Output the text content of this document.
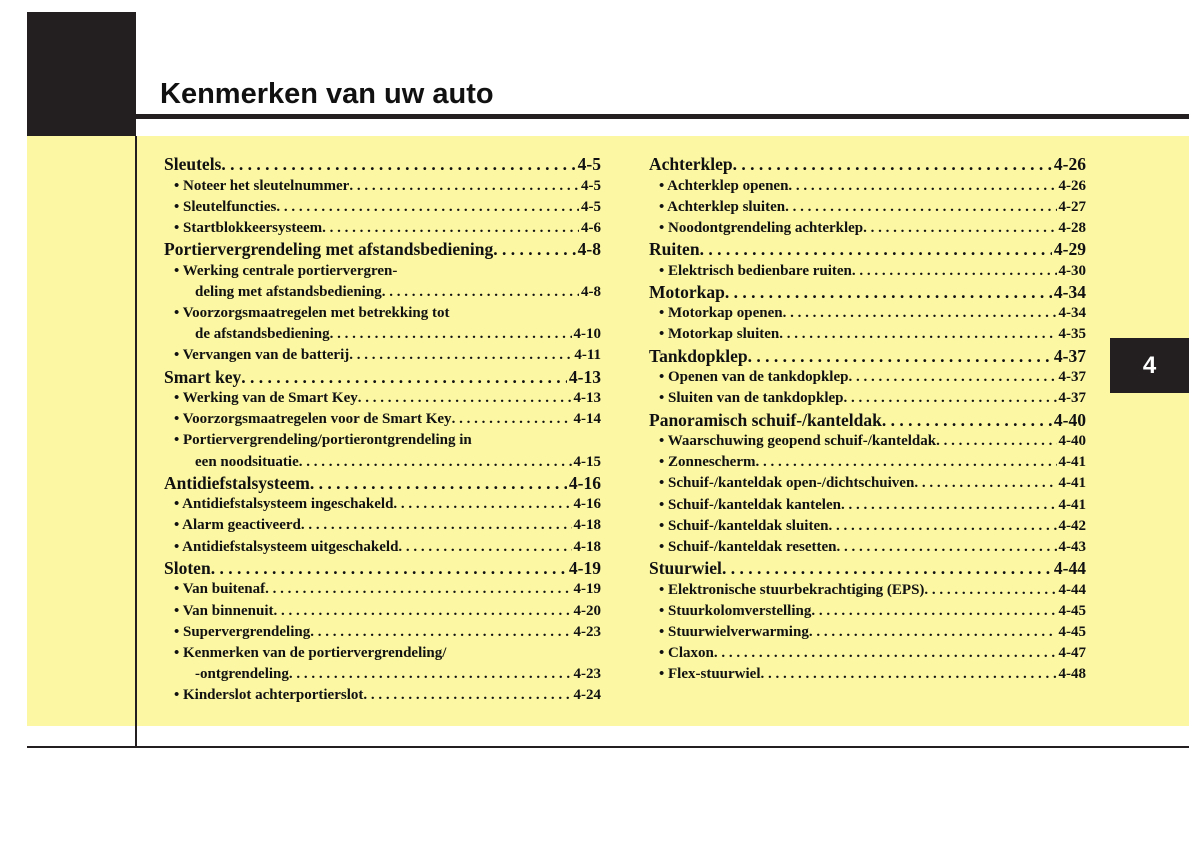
Kenmerken van uw auto
4
Sleutels . . .	4-5
• Noteer het sleutelnummer . . .	4-5
• Sleutelfuncties . . .	4-5
• Startblokkeersysteem . . .	4-6
Portiervergrendeling met afstandsbediening . . .	4-8
• Werking centrale portiervergren-
deling met afstandsbediening . . .	4-8
• Voorzorgsmaatregelen met betrekking tot
de afstandsbediening . . .	4-10
• Vervangen van de batterij . . .	4-11
Smart key . . .	4-13
• Werking van de Smart Key . . .	4-13
• Voorzorgsmaatregelen voor de Smart Key . . .	4-14
• Portiervergrendeling/portierontgrendeling in
een noodsituatie . . .	4-15
Antidiefstalsysteem . . .	4-16
• Antidiefstalsysteem ingeschakeld . . .	4-16
• Alarm geactiveerd . . .	4-18
• Antidiefstalsysteem uitgeschakeld . . .	4-18
Sloten . . .	4-19
• Van buitenaf . . .	4-19
• Van binnenuit . . .	4-20
• Supervergrendeling . . .	4-23
• Kenmerken van de portiervergrendeling/
-ontgrendeling . . .	4-23
• Kinderslot achterportierslot . . .	4-24
Achterklep . . .	4-26
• Achterklep openen . . .	4-26
• Achterklep sluiten . . .	4-27
• Noodontgrendeling achterklep . . .	4-28
Ruiten . . .	4-29
• Elektrisch bedienbare ruiten . . .	4-30
Motorkap . . .	4-34
• Motorkap openen . . .	4-34
• Motorkap sluiten . . .	4-35
Tankdopklep . . .	4-37
• Openen van de tankdopklep . . .	4-37
• Sluiten van de tankdopklep . . .	4-37
Panoramisch schuif-/kanteldak . . .	4-40
• Waarschuwing geopend schuif-/kanteldak . . .	4-40
• Zonnescherm . . .	4-41
• Schuif-/kanteldak open-/dichtschuiven . . .	4-41
• Schuif-/kanteldak kantelen . . .	4-41
• Schuif-/kanteldak sluiten . . .	4-42
• Schuif-/kanteldak resetten . . .	4-43
Stuurwiel . . .	4-44
• Elektronische stuurbekrachtiging (EPS) . . .	4-44
• Stuurkolomverstelling . . .	4-45
• Stuurwielverwarming . . .	4-45
• Claxon . . .	4-47
• Flex-stuurwiel . . .	4-48
